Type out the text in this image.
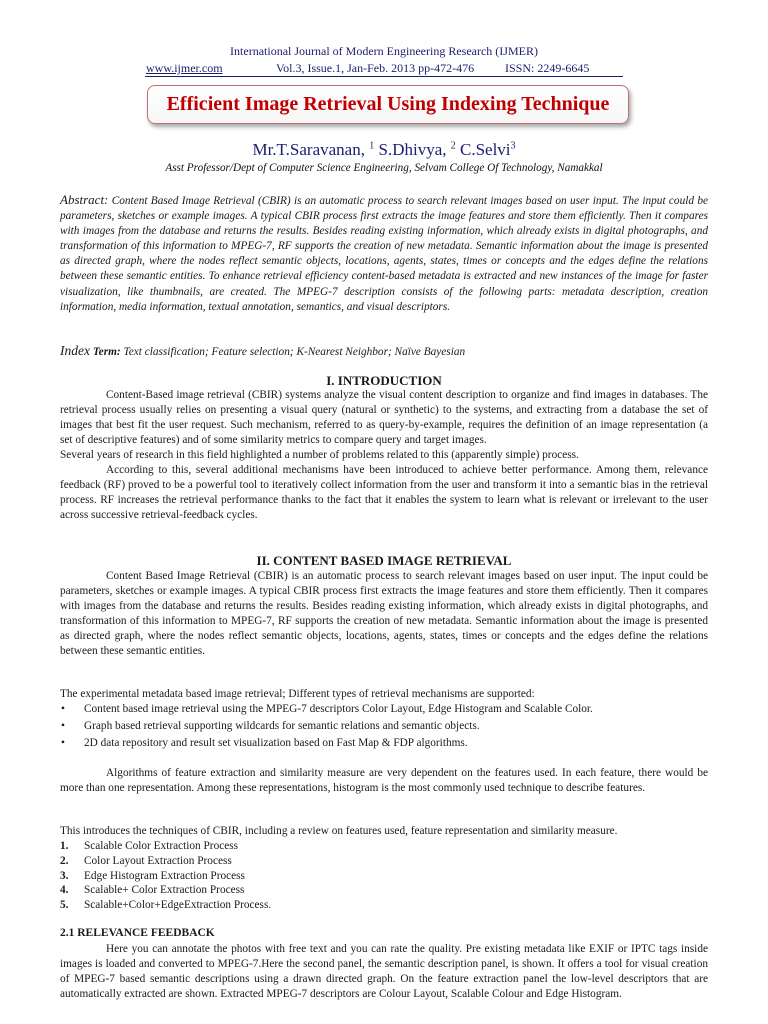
International Journal of Modern Engineering Research (IJMER)
www.ijmer.com	Vol.3, Issue.1, Jan-Feb. 2013 pp-472-476	ISSN: 2249-6645
Efficient Image Retrieval Using Indexing Technique
Mr.T.Saravanan, $^1$ S.Dhivya, $^2$ C.Selvi$^3$
Asst Professor/Dept of Computer Science Engineering, Selvam College Of Technology, Namakkal
Abstract: Content Based Image Retrieval (CBIR) is an automatic process to search relevant images based on user input. The input could be parameters, sketches or example images. A typical CBIR process first extracts the image features and store them efficiently. Then it compares with images from the database and returns the results. Besides reading existing information, which already exists in digital photographs, and transformation of this information to MPEG-7, RF supports the creation of new metadata. Semantic information about the image is presented as directed graph, where the nodes reflect semantic objects, locations, agents, states, times or concepts and the edges define the relations between these semantic entities. To enhance retrieval efficiency content-based metadata is extracted and new instances of the image for faster visualization, like thumbnails, are created. The MPEG-7 description consists of the following parts: metadata description, creation information, media information, textual annotation, semantics, and visual descriptors.
Index Term: Text classification; Feature selection; K-Nearest Neighbor; Naïve Bayesian
I. INTRODUCTION

Content-Based image retrieval (CBIR) systems analyze the visual content description to organize and find images in databases. The retrieval process usually relies on presenting a visual query (natural or synthetic) to the systems, and extracting from a database the set of images that best fit the user request. Such mechanism, referred to as query-by-example, requires the definition of an image representation (a set of descriptive features) and of some similarity metrics to compare query and target images.

Several years of research in this field highlighted a number of problems related to this (apparently simple) process.

According to this, several additional mechanisms have been introduced to achieve better performance. Among them, relevance feedback (RF) proved to be a powerful tool to iteratively collect information from the user and transform it into a semantic bias in the retrieval process. RF increases the retrieval performance thanks to the fact that it enables the system to learn what is relevant or irrelevant to the user across successive retrieval-feedback cycles.

II. CONTENT BASED IMAGE RETRIEVAL

Content Based Image Retrieval (CBIR) is an automatic process to search relevant images based on user input. The input could be parameters, sketches or example images. A typical CBIR process first extracts the image features and store them efficiently. Then it compares with images from the database and returns the results. Besides reading existing information, which already exists in digital photographs, and transformation of this information to MPEG-7, RF supports the creation of new metadata. Semantic information about the image is presented as directed graph, where the nodes reflect semantic objects, locations, agents, states, times or concepts and the edges define the relations between these semantic entities.

The experimental metadata based image retrieval; Different types of retrieval mechanisms are supported:

• Content based image retrieval using the MPEG-7 descriptors Color Layout, Edge Histogram and Scalable Color.
• Graph based retrieval supporting wildcards for semantic relations and semantic objects.
• 2D data repository and result set visualization based on Fast Map & FDP algorithms.

Algorithms of feature extraction and similarity measure are very dependent on the features used. In each feature, there would be more than one representation. Among these representations, histogram is the most commonly used technique to describe features.

This introduces the techniques of CBIR, including a review on features used, feature representation and similarity measure.

1. Scalable Color Extraction Process
2. Color Layout Extraction Process
3. Edge Histogram Extraction Process
4. Scalable+ Color Extraction Process
5. Scalable+Color+EdgeExtraction Process.
2.1 RELEVANCE FEEDBACK

Here you can annotate the photos with free text and you can rate the quality. Pre existing metadata like EXIF or IPTC tags inside images is loaded and converted to MPEG-7.Here the second panel, the semantic description panel, is shown. It offers a tool for visual creation of MPEG-7 based semantic descriptions using a drawn directed graph. On the feature extraction panel the low-level descriptors that are automatically extracted are shown. Extracted MPEG-7 descriptors are Colour Layout, Scalable Colour and Edge Histogram.
